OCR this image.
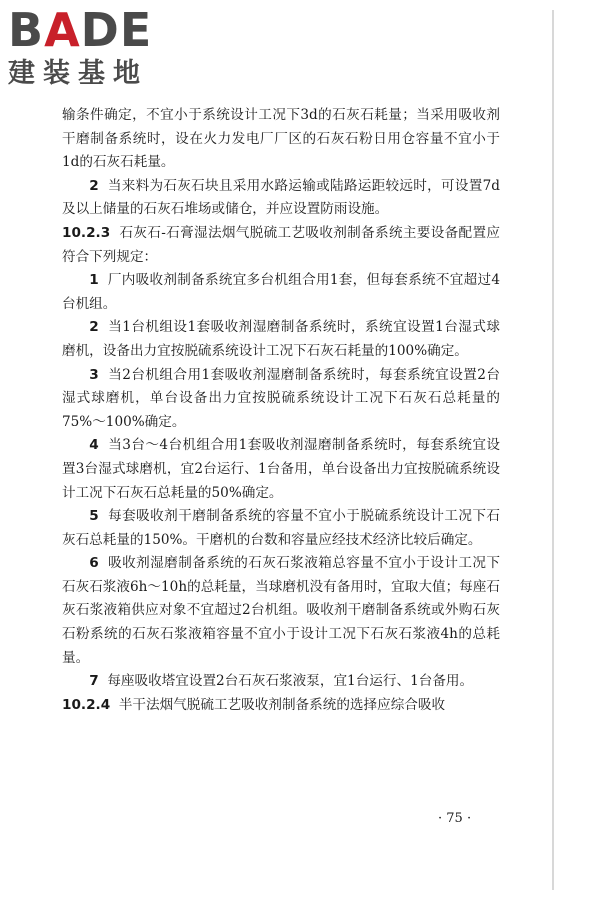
BADE
建装基地

输条件确定，不宜小于系统设计工况下3d的石灰石耗量；当采用吸收剂干磨制备系统时，设在火力发电厂厂区的石灰石粉日用仓容量不宜小于1d的石灰石耗量。

2 当来料为石灰石块且采用水路运输或陆路运距较远时，可设置7d及以上储量的石灰石堆场或储仓，并应设置防雨设施。

10.2.3 石灰石-石膏湿法烟气脱硫工艺吸收剂制备系统主要设备配置应符合下列规定：

1 厂内吸收剂制备系统宜多台机组合用1套，但每套系统不宜超过4台机组。

2 当1台机组设1套吸收剂湿磨制备系统时，系统宜设置1台湿式球磨机，设备出力宜按脱硫系统设计工况下石灰石耗量的100%确定。

3 当2台机组合用1套吸收剂湿磨制备系统时，每套系统宜设置2台湿式球磨机，单台设备出力宜按脱硫系统设计工况下石灰石总耗量的75%～100%确定。

4 当3台～4台机组合用1套吸收剂湿磨制备系统时，每套系统宜设置3台湿式球磨机，宜2台运行、1台备用，单台设备出力宜按脱硫系统设计工况下石灰石总耗量的50%确定。

5 每套吸收剂干磨制备系统的容量不宜小于脱硫系统设计工况下石灰石总耗量的150%。干磨机的台数和容量应经技术经济比较后确定。

6 吸收剂湿磨制备系统的石灰石浆液箱总容量不宜小于设计工况下石灰石浆液6h～10h的总耗量，当球磨机没有备用时，宜取大值；每座石灰石浆液箱供应对象不宜超过2台机组。吸收剂干磨制备系统或外购石灰石粉系统的石灰石浆液箱容量不宜小于设计工况下石灰石浆液4h的总耗量。

7 每座吸收塔宜设置2台石灰石浆液泵，宜1台运行、1台备用。

10.2.4 半干法烟气脱硫工艺吸收剂制备系统的选择应综合吸收

· 75 ·
